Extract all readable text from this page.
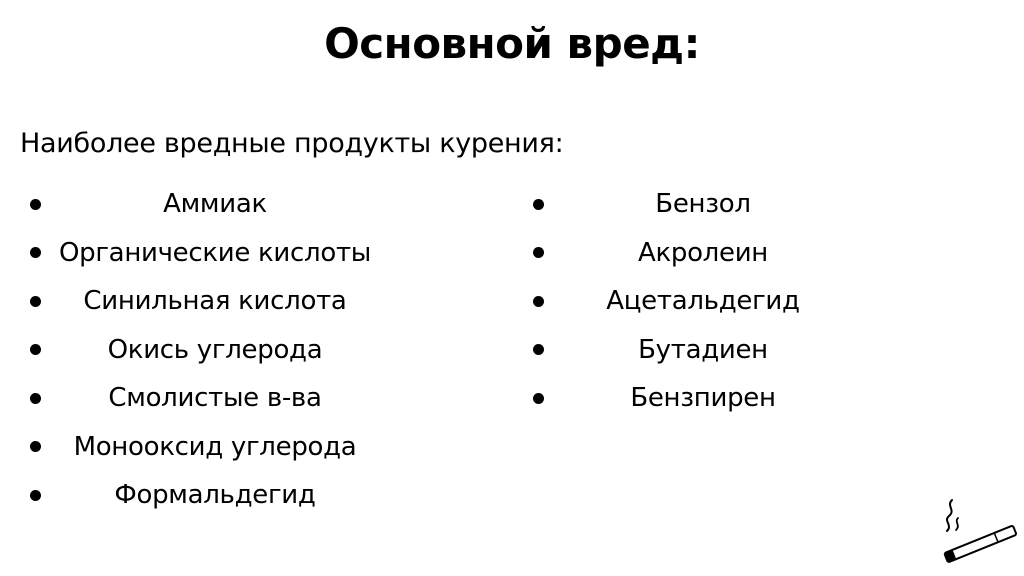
Основной вред:
Наиболее вредные продукты курения:
Аммиак
Органические кислоты
Синильная кислота
Окись углерода
Смолистые в-ва
Монооксид углерода
Формальдегид
Бензол
Акролеин
Ацетальдегид
Бутадиен
Бензпирен
